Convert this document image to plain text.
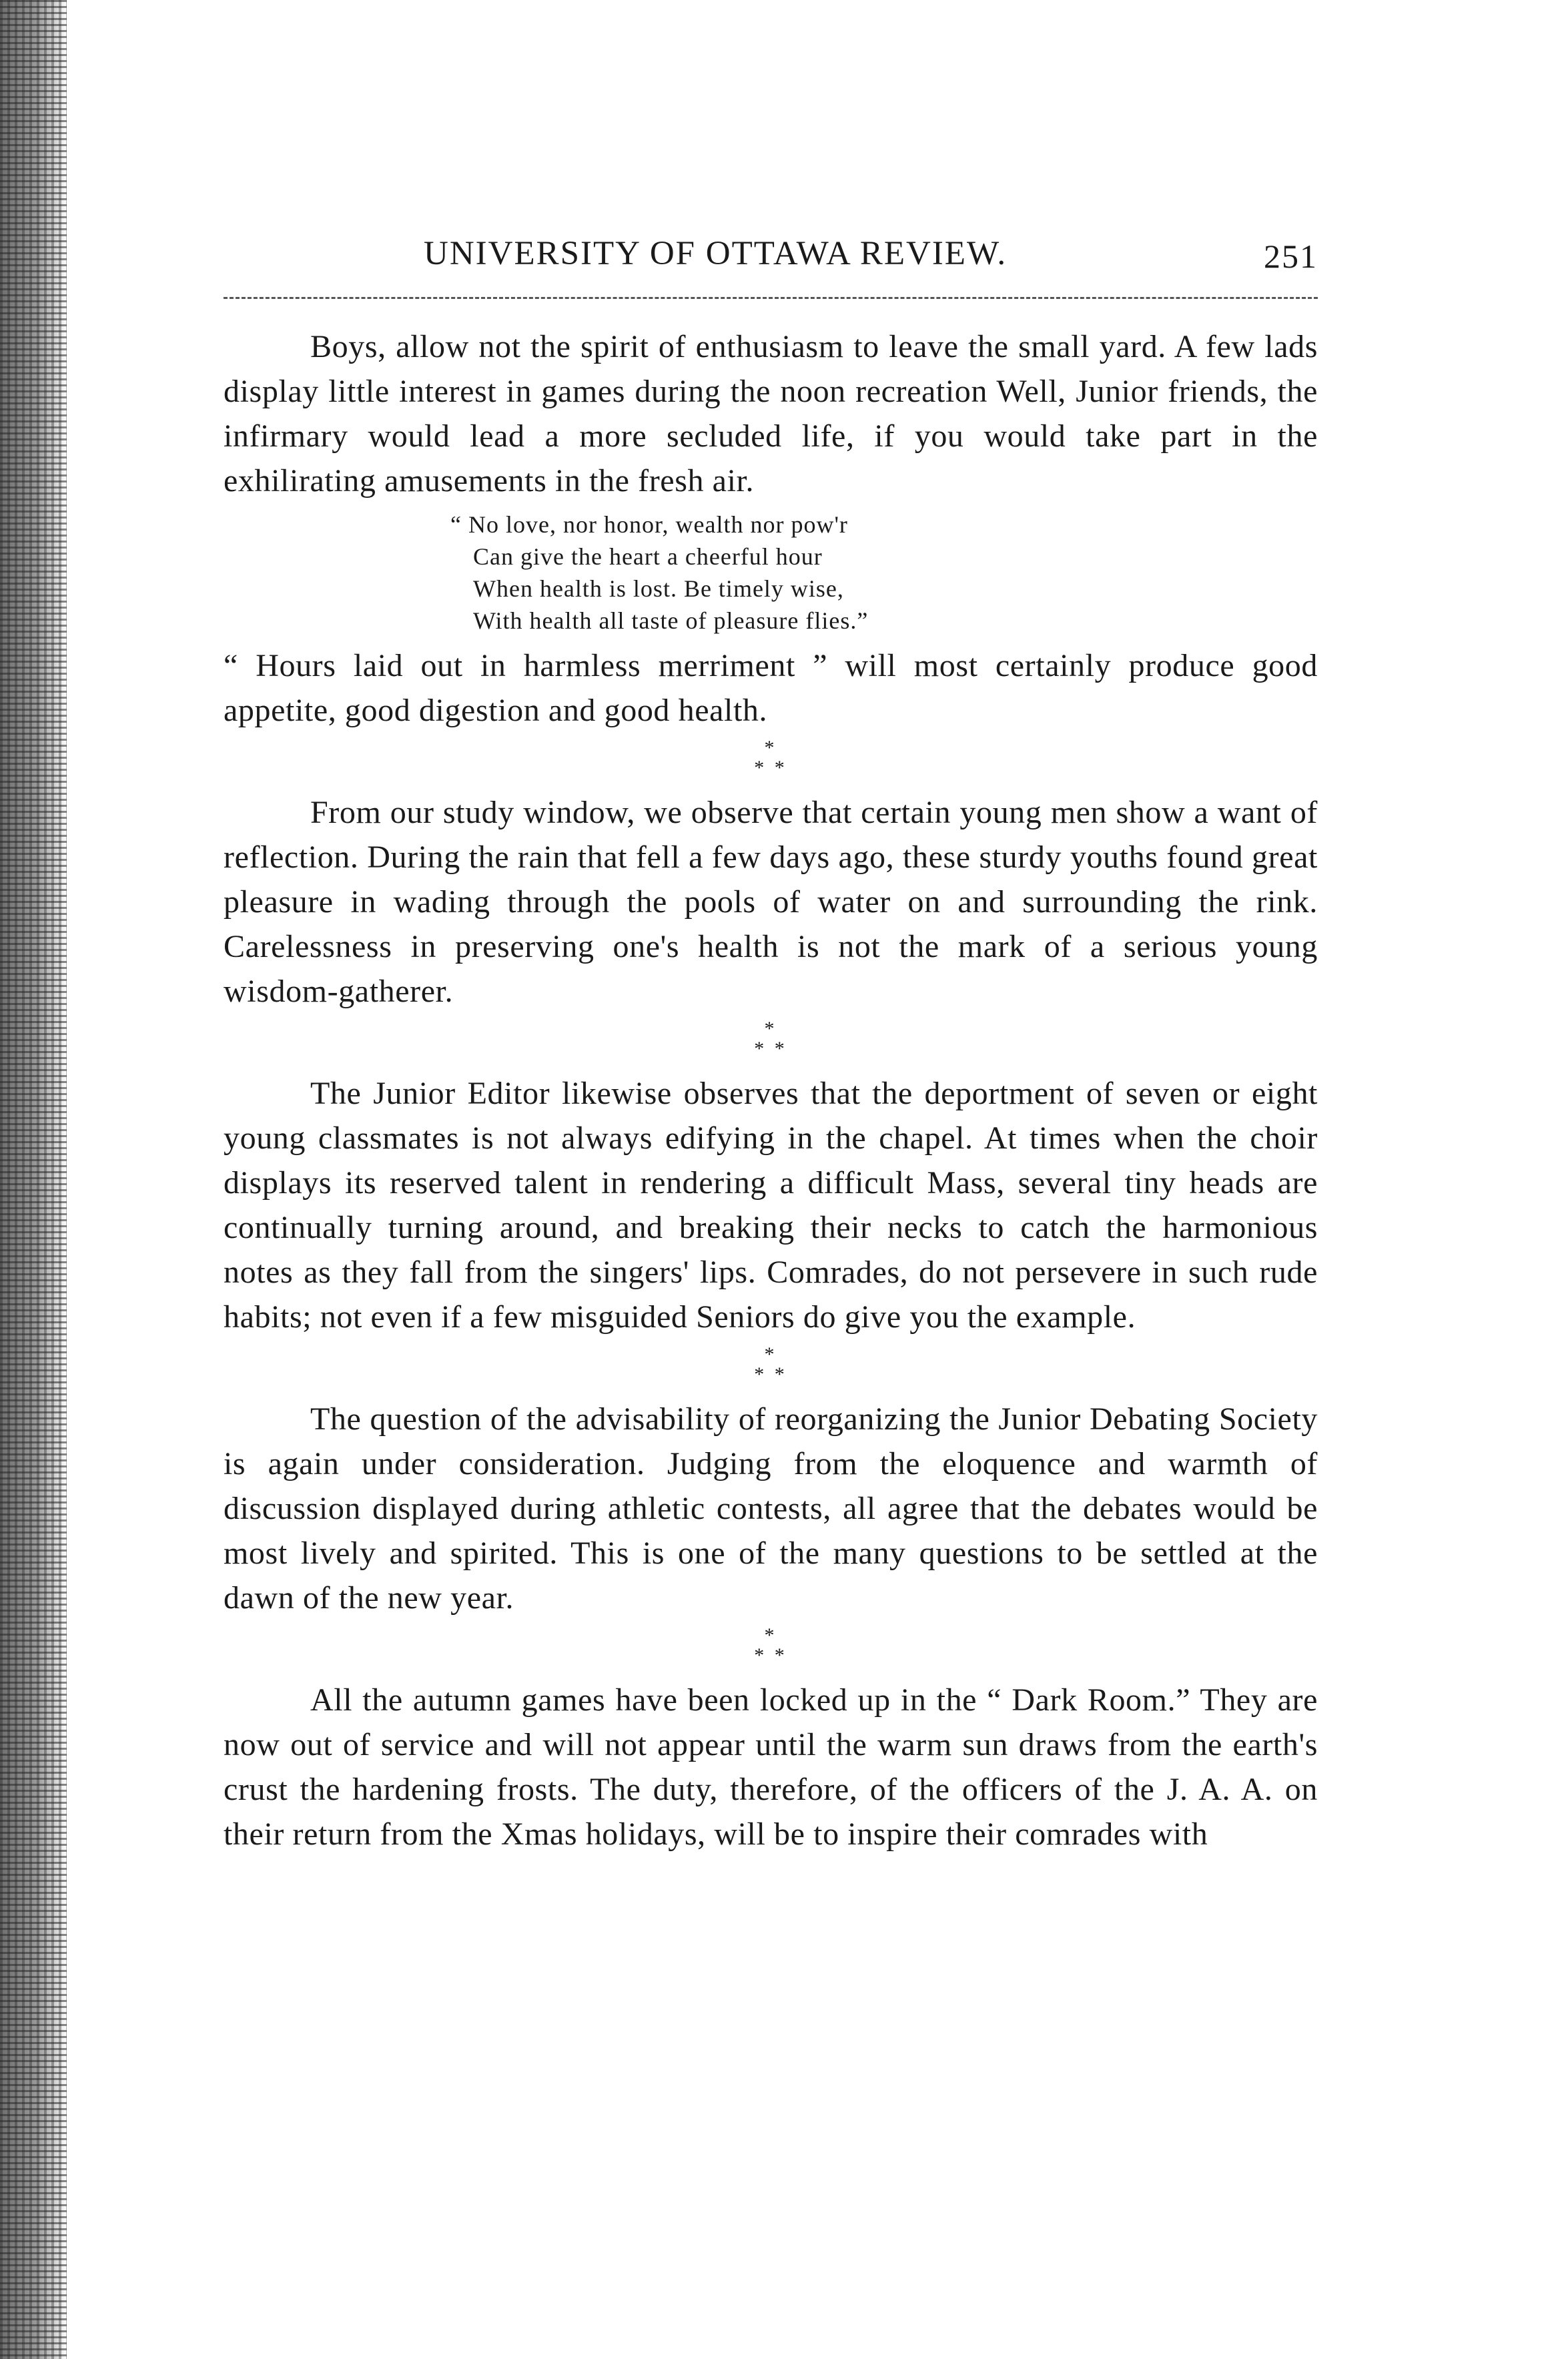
UNIVERSITY OF OTTAWA REVIEW.	251

Boys, allow not the spirit of enthusiasm to leave the small yard. A few lads display little interest in games during the noon recreation Well, Junior friends, the infirmary would lead a more secluded life, if you would take part in the exhilirating amusements in the fresh air.

“ No love, nor honor, wealth nor pow'r
Can give the heart a cheerful hour
When health is lost. Be timely wise,
With health all taste of pleasure flies.”

“ Hours laid out in harmless merriment ” will most certainly produce good appetite, good digestion and good health.

*
* *

From our study window, we observe that certain young men show a want of reflection. During the rain that fell a few days ago, these sturdy youths found great pleasure in wading through the pools of water on and surrounding the rink. Carelessness in preserving one's health is not the mark of a serious young wisdom-gatherer.

*
* *

The Junior Editor likewise observes that the deportment of seven or eight young classmates is not always edifying in the chapel. At times when the choir displays its reserved talent in rendering a difficult Mass, several tiny heads are continually turning around, and breaking their necks to catch the harmonious notes as they fall from the singers' lips. Comrades, do not persevere in such rude habits; not even if a few misguided Seniors do give you the example.

*
* *

The question of the advisability of reorganizing the Junior Debating Society is again under consideration. Judging from the eloquence and warmth of discussion displayed during athletic contests, all agree that the debates would be most lively and spirited. This is one of the many questions to be settled at the dawn of the new year.

*
* *

All the autumn games have been locked up in the “ Dark Room.” They are now out of service and will not appear until the warm sun draws from the earth's crust the hardening frosts. The duty, therefore, of the officers of the J. A. A. on their return from the Xmas holidays, will be to inspire their comrades with
